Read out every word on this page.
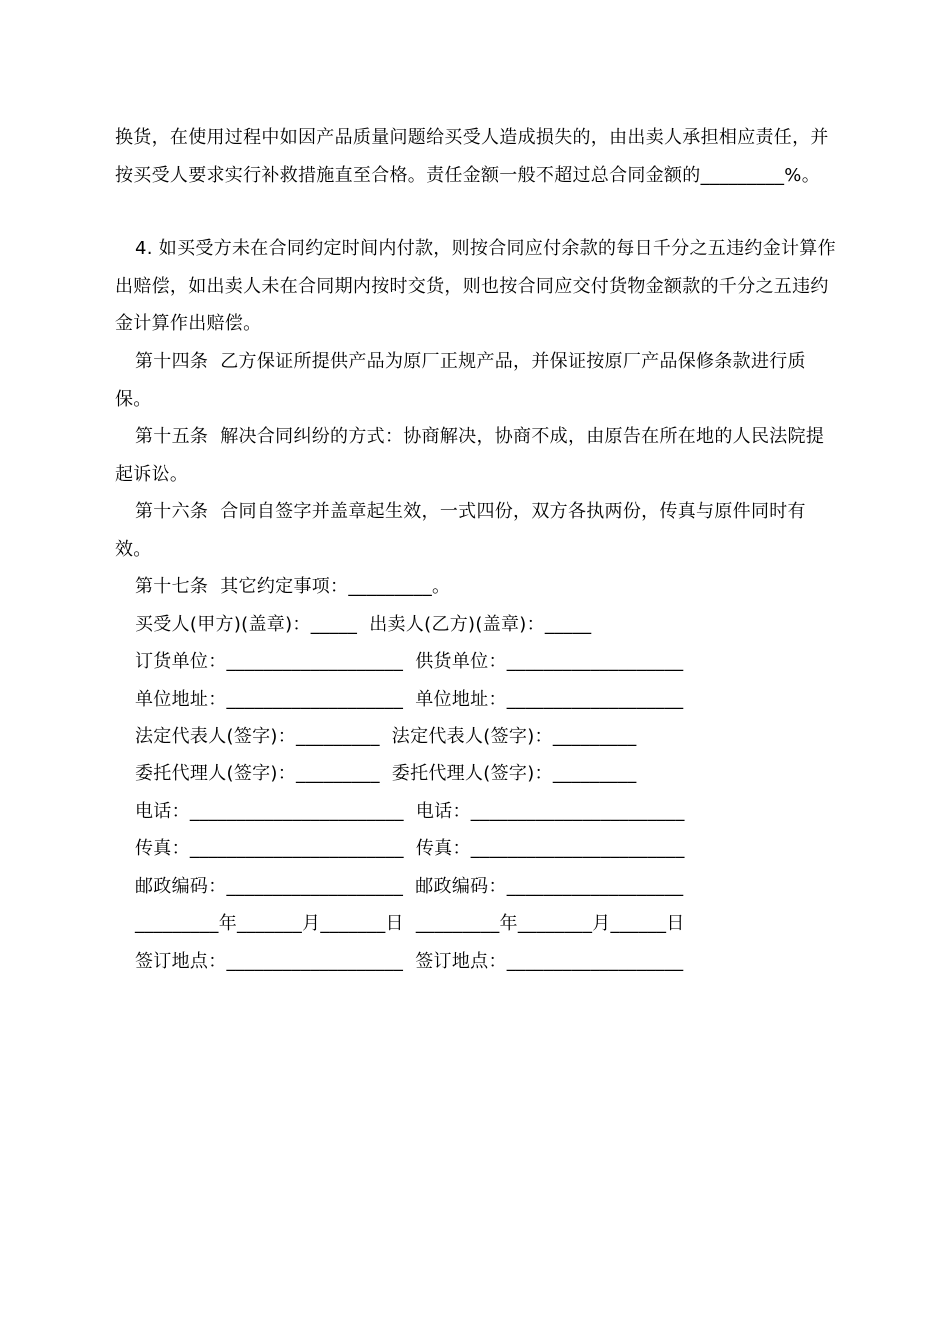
换货，在使用过程中如因产品质量问题给买受人造成损失的，由出卖人承担相应责任，并按买受人要求实行补救措施直至合格。责任金额一般不超过总合同金额的_________%。
4. 如买受方未在合同约定时间内付款，则按合同应付余款的每日千分之五违约金计算作出赔偿，如出卖人未在合同期内按时交货，则也按合同应交付货物金额款的千分之五违约金计算作出赔偿。
第十四条  乙方保证所提供产品为原厂正规产品，并保证按原厂产品保修条款进行质保。
第十五条  解决合同纠纷的方式：协商解决，协商不成，由原告在所在地的人民法院提起诉讼。
第十六条  合同自签字并盖章起生效，一式四份，双方各执两份，传真与原件同时有效。
第十七条  其它约定事项：_________。
买受人(甲方)(盖章)：_____  出卖人(乙方)(盖章)：_____
订货单位：___________________  供货单位：___________________
单位地址：___________________  单位地址：___________________
法定代表人(签字)：_________  法定代表人(签字)：_________
委托代理人(签字)：_________  委托代理人(签字)：_________
电话：_______________________  电话：_______________________
传真：_______________________  传真：_______________________
邮政编码：___________________  邮政编码：___________________
_________年_______月_______日  _________年________月______日
签订地点：___________________  签订地点：___________________
